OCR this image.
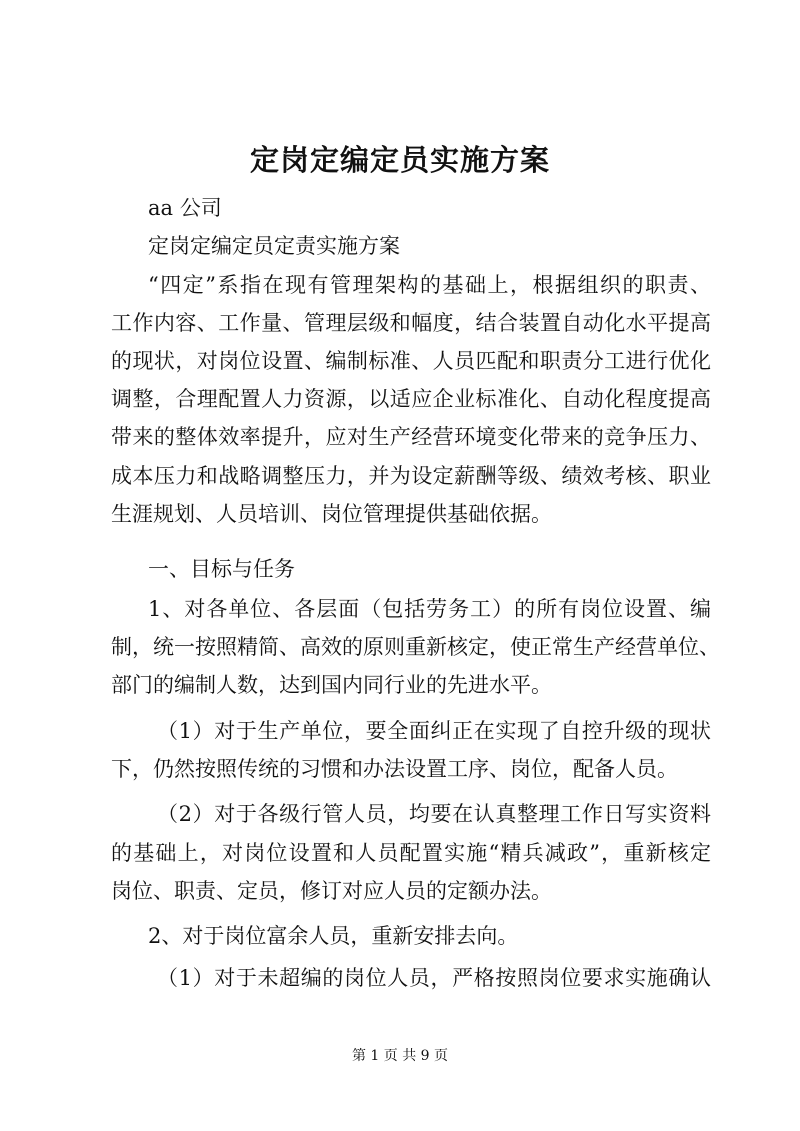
定岗定编定员实施方案
aa 公司
定岗定编定员定责实施方案
“四定”系指在现有管理架构的基础上，根据组织的职责、
工作内容、工作量、管理层级和幅度，结合装置自动化水平提高
的现状，对岗位设置、编制标准、人员匹配和职责分工进行优化
调整，合理配置人力资源，以适应企业标准化、自动化程度提高
带来的整体效率提升，应对生产经营环境变化带来的竞争压力、
成本压力和战略调整压力，并为设定薪酬等级、绩效考核、职业
生涯规划、人员培训、岗位管理提供基础依据。
一、目标与任务
1、对各单位、各层面（包括劳务工）的所有岗位设置、编
制，统一按照精简、高效的原则重新核定，使正常生产经营单位、
部门的编制人数，达到国内同行业的先进水平。
（1）对于生产单位，要全面纠正在实现了自控升级的现状
下，仍然按照传统的习惯和办法设置工序、岗位，配备人员。
（2）对于各级行管人员，均要在认真整理工作日写实资料
的基础上，对岗位设置和人员配置实施“精兵减政”，重新核定
岗位、职责、定员，修订对应人员的定额办法。
2、对于岗位富余人员，重新安排去向。
（1）对于未超编的岗位人员，严格按照岗位要求实施确认
第 1 页 共 9 页
